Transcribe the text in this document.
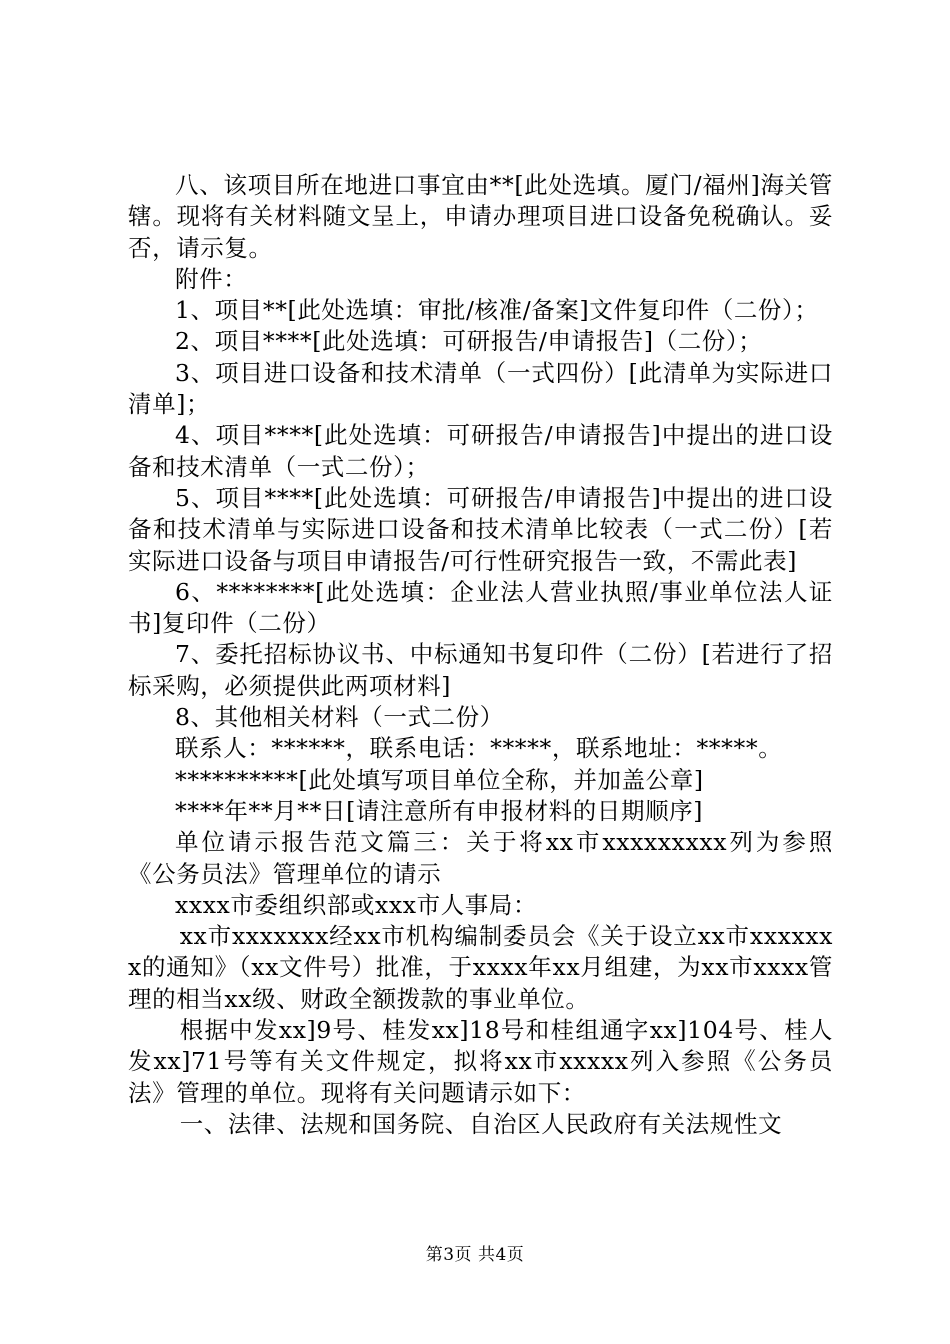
八、该项目所在地进口事宜由**[此处选填。厦门/福州]海关管辖。现将有关材料随文呈上，申请办理项目进口设备免税确认。妥否，请示复。

附件：

1、项目**[此处选填：审批/核准/备案]文件复印件（二份）；

2、项目****[此处选填：可研报告/申请报告]（二份）；

3、项目进口设备和技术清单（一式四份）[此清单为实际进口清单]；

4、项目****[此处选填：可研报告/申请报告]中提出的进口设备和技术清单（一式二份）；

5、项目****[此处选填：可研报告/申请报告]中提出的进口设备和技术清单与实际进口设备和技术清单比较表（一式二份）[若实际进口设备与项目申请报告/可行性研究报告一致，不需此表]

6、********[此处选填：企业法人营业执照/事业单位法人证书]复印件（二份）

7、委托招标协议书、中标通知书复印件（二份）[若进行了招标采购，必须提供此两项材料]

8、其他相关材料（一式二份）

联系人：******，联系电话：*****，联系地址：*****。

**********[此处填写项目单位全称，并加盖公章]

****年**月**日[请注意所有申报材料的日期顺序]

单位请示报告范文篇三：关于将xx市xxxxxxxxx列为参照《公务员法》管理单位的请示

xxxx市委组织部或xxx市人事局：

xx市xxxxxxx经xx市机构编制委员会《关于设立xx市xxxxxxx的通知》（xx文件号）批准，于xxxx年xx月组建，为xx市xxxx管理的相当xx级、财政全额拨款的事业单位。

根据中发xx]9号、桂发xx]18号和桂组通字xx]104号、桂人发xx]71号等有关文件规定，拟将xx市xxxxx列入参照《公务员法》管理的单位。现将有关问题请示如下：

一、法律、法规和国务院、自治区人民政府有关法规性文

第3页 共4页
